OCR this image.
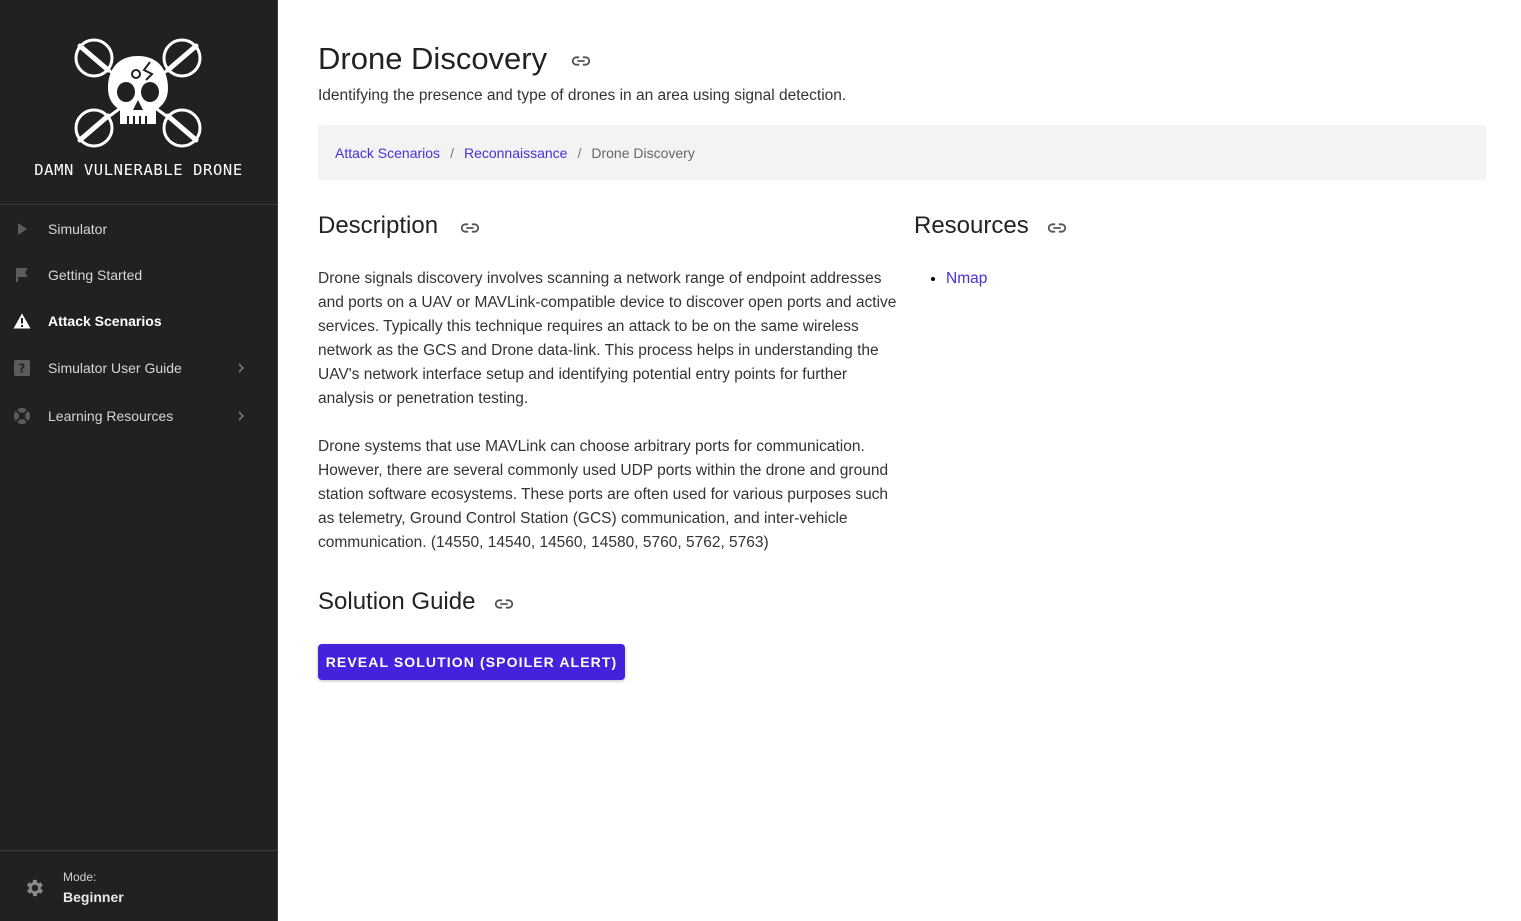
DAMN VULNERABLE DRONE
Simulator
Getting Started
Attack Scenarios
? Simulator User Guide
Learning Resources
Mode:
Beginner
Drone Discovery
Identifying the presence and type of drones in an area using signal detection.
Attack Scenarios / Reconnaissance / Drone Discovery
Description

Drone signals discovery involves scanning a network range of endpoint addresses and ports on a UAV or MAVLink-compatible device to discover open ports and active services. Typically this technique requires an attack to be on the same wireless network as the GCS and Drone data-link. This process helps in understanding the UAV's network interface setup and identifying potential entry points for further analysis or penetration testing.

Drone systems that use MAVLink can choose arbitrary ports for communication. However, there are several commonly used UDP ports within the drone and ground station software ecosystems. These ports are often used for various purposes such as telemetry, Ground Control Station (GCS) communication, and inter-vehicle communication. (14550, 14540, 14560, 14580, 5760, 5762, 5763)

Resources
• Nmap
Solution Guide
REVEAL SOLUTION (SPOILER ALERT)
